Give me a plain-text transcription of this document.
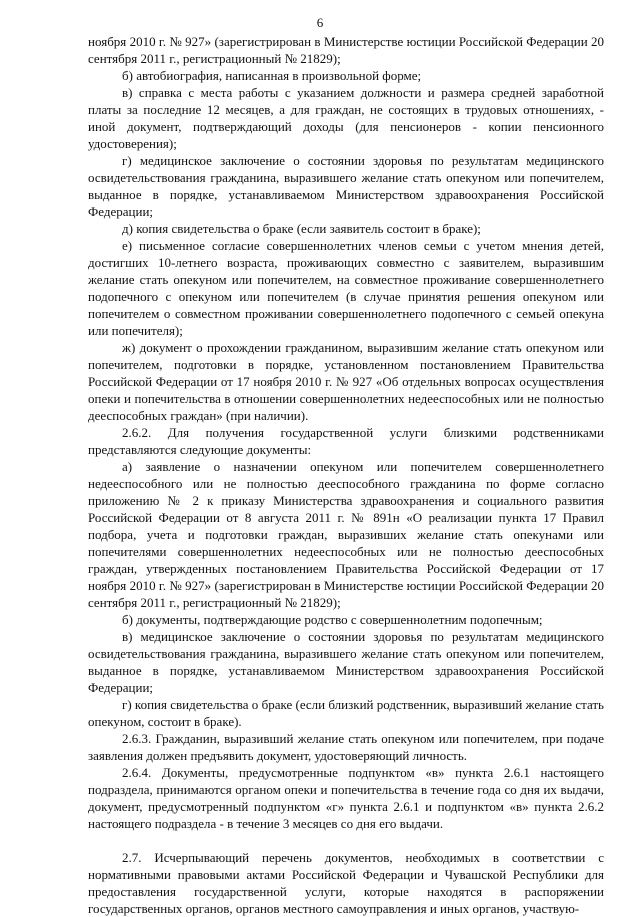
6

ноября 2010 г. № 927» (зарегистрирован в Министерстве юстиции Российской Федерации 20 сентября 2011 г., регистрационный № 21829);

б) автобиография, написанная в произвольной форме;

в) справка с места работы с указанием должности и размера средней заработной платы за последние 12 месяцев, а для граждан, не состоящих в трудовых отношениях, - иной документ, подтверждающий доходы (для пенсионеров - копии пенсионного удостоверения);

г) медицинское заключение о состоянии здоровья по результатам медицинского освидетельствования гражданина, выразившего желание стать опекуном или попечителем, выданное в порядке, устанавливаемом Министерством здравоохранения Российской Федерации;

д) копия свидетельства о браке (если заявитель состоит в браке);

е) письменное согласие совершеннолетних членов семьи с учетом мнения детей, достигших 10-летнего возраста, проживающих совместно с заявителем, выразившим желание стать опекуном или попечителем, на совместное проживание совершеннолетнего подопечного с опекуном или попечителем (в случае принятия решения опекуном или попечителем о совместном проживании совершеннолетнего подопечного с семьей опекуна или попечителя);

ж) документ о прохождении гражданином, выразившим желание стать опекуном или попечителем, подготовки в порядке, установленном постановлением Правительства Российской Федерации от 17 ноября 2010 г. № 927 «Об отдельных вопросах осуществления опеки и попечительства в отношении совершеннолетних недееспособных или не полностью дееспособных граждан» (при наличии).

2.6.2. Для получения государственной услуги близкими родственниками представляются следующие документы:

а) заявление о назначении опекуном или попечителем совершеннолетнего недееспособного или не полностью дееспособного гражданина по форме согласно приложению № 2 к приказу Министерства здравоохранения и социального развития Российской Федерации от 8 августа 2011 г. № 891н «О реализации пункта 17 Правил подбора, учета и подготовки граждан, выразивших желание стать опекунами или попечителями совершеннолетних недееспособных или не полностью дееспособных граждан, утвержденных постановлением Правительства Российской Федерации от 17 ноября 2010 г. № 927» (зарегистрирован в Министерстве юстиции Российской Федерации 20 сентября 2011 г., регистрационный № 21829);

б) документы, подтверждающие родство с совершеннолетним подопечным;

в) медицинское заключение о состоянии здоровья по результатам медицинского освидетельствования гражданина, выразившего желание стать опекуном или попечителем, выданное в порядке, устанавливаемом Министерством здравоохранения Российской Федерации;

г) копия свидетельства о браке (если близкий родственник, выразивший желание стать опекуном, состоит в браке).

2.6.3. Гражданин, выразивший желание стать опекуном или попечителем, при подаче заявления должен предъявить документ, удостоверяющий личность.

2.6.4. Документы, предусмотренные подпунктом «в» пункта 2.6.1 настоящего подраздела, принимаются органом опеки и попечительства в течение года со дня их выдачи, документ, предусмотренный подпунктом «г» пункта 2.6.1 и подпунктом «в» пункта 2.6.2 настоящего подраздела - в течение 3 месяцев со дня его выдачи.

2.7. Исчерпывающий перечень документов, необходимых в соответствии с нормативными правовыми актами Российской Федерации и Чувашской Республики для предоставления государственной услуги, которые находятся в распоряжении государственных органов, органов местного самоуправления и иных органов, участвую-
